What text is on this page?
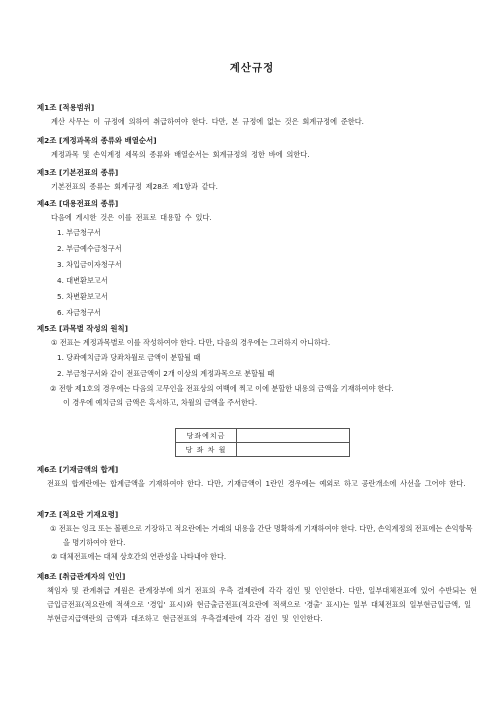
계산규정
제1조 [적용범위]
계산 사무는 이 규정에 의하여 취급하여야 한다. 다만, 본 규정에 없는 것은 회계규정에 준한다.
제2조 [계정과목의 종류와 배열순서]
계정과목 및 손익계정 세목의 종류와 배열순서는 회계규정의 정한 바에 의한다.
제3조 [기본전표의 종류]
기본전표의 종류는 회계규정 제28조 제1항과 같다.
제4조 [대용전표의 종류]
다음에 게시한 것은 이를 전표로 대용할 수 있다.
1. 부금청구서
2. 부금예수금청구서
3. 차입금이자청구서
4. 대변환보고서
5. 차변환보고서
6. 자금청구서
제5조 [과목별 작성의 원칙]
① 전표는 계정과목별로 이를 작성하여야 한다. 다만, 다음의 경우에는 그러하지 아니하다.
1. 당좌예치금과 당좌차월로 금액이 분할될 때
2. 부금청구서와 같이 전표금액이 2개 이상의 계정과목으로 분할될 때
② 전항 제1호의 경우에는 다음의 고무인을 전표상의 여백에 찍고 이에 분할한 내용의 금액을 기재하여야 한다.
이 경우에 예치금의 금액은 흑서하고, 차월의 금액을 주서한다.
당좌예치금	
당 좌 차 월	
제6조 [기재금액의 합계]
전표의 합계란에는 합계금액을 기재하여야 한다. 다만, 기재금액이 1란인 경우에는 예외로 하고 공란개소에 사선을 그어야 한다.
제7조 [적요란 기재요령]
① 전표는 잉크 또는 볼펜으로 기장하고 적요란에는 거래의 내용을 간단 명확하게 기재하여야 한다. 다만, 손익계정의 전표에는 손익항목을 명기하여야 한다.
② 대체전표에는 대체 상호간의 연관성을 나타내야 한다.
제8조 [취급관계자의 인인]
책임자 및 관계취급 계원은 관계장부에 의거 전표의 우측 결제란에 각각 검인 및 인인한다. 다만, 일부대체전표에 있어 수반되는 현금입금전표(적요란에 적색으로 '경입' 표시)와 현금출금전표(적요란에 적색으로 '경출' 표시)는 일부 대체전표의 일부현금입금액, 일부현금지급액란의 금액과 대조하고 현금전표의 우측결제란에 각각 검인 및 인인한다.
